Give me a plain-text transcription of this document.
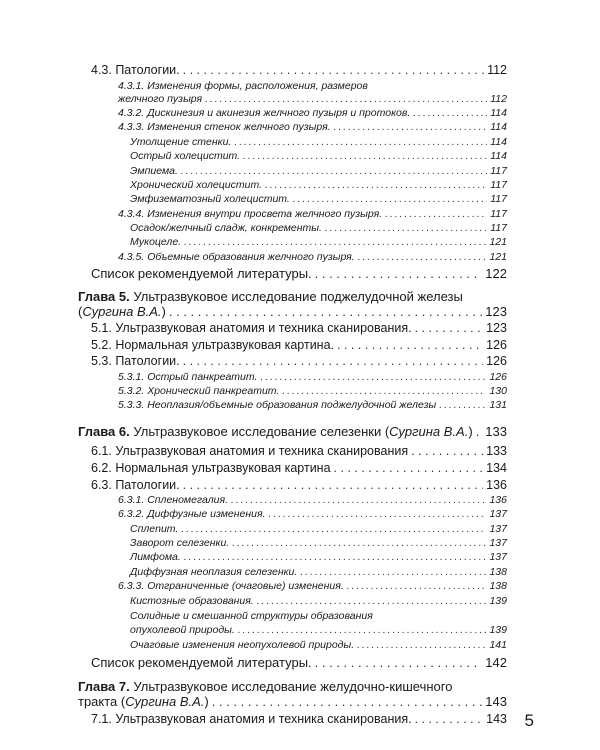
4.3. Патологии. . . .	112
4.3.1. Изменения формы, расположения, размеров
желчного пузыря . . .	112
4.3.2. Дискинезия и акинезия желчного пузыря и протоков. . . .	114
4.3.3. Изменения стенок желчного пузыря. . . .	114
Утолщение стенки. . . .	114
Острый холецистит. . . .	114
Эмпиема. . . .	117
Хронический холецистит. . . .	117
Эмфизематозный холецистит. . . .	117
4.3.4. Изменения внутри просвета желчного пузыря. . . .	117
Осадок/желчный сладж, конкременты. . . .	117
Мукоцеле. . . .	121
4.3.5. Объемные образования желчного пузыря. . . .	121
Список рекомендуемой литературы. . . .	122
Глава 5. Ультразвуковое исследование поджелудочной железы
(Сургина В.А.) . . .	123
5.1. Ультразвуковая анатомия и техника сканирования. . . .	123
5.2. Нормальная ультразвуковая картина. . . .	126
5.3. Патологии. . . .	126
5.3.1. Острый панкреатит. . . .	126
5.3.2. Хронический панкреатит. . . .	130
5.3.3. Неоплазия/объемные образования поджелудочной железы . . .	131
Глава 6. Ультразвуковое исследование селезенки (Сургина В.А.) . . . 133
6.1. Ультразвуковая анатомия и техника сканирования . . .	133
6.2. Нормальная ультразвуковая картина . . .	134
6.3. Патологии. . . .	136
6.3.1. Спленомегалия. . . .	136
6.3.2. Диффузные изменения. . . .	137
Сплenит. . . .	137
Заворот селезенки. . . .	137
Лимфома. . . .	137
Диффузная неоплазия селезенки. . . .	138
6.3.3. Отграниченные (очаговые) изменения. . . .	138
Кистозные образования. . . .	139
Солидные и смешанной структуры образования
опухолевой природы. . . .	139
Очаговые изменения неопухолевой природы. . . .	141
Список рекомендуемой литературы. . . .	142
Глава 7. Ультразвуковое исследование желудочно-кишечного
тракта (Сургина В.А.) . . .	143
7.1. Ультразвуковая анатомия и техника сканирования. . . .	143 5
